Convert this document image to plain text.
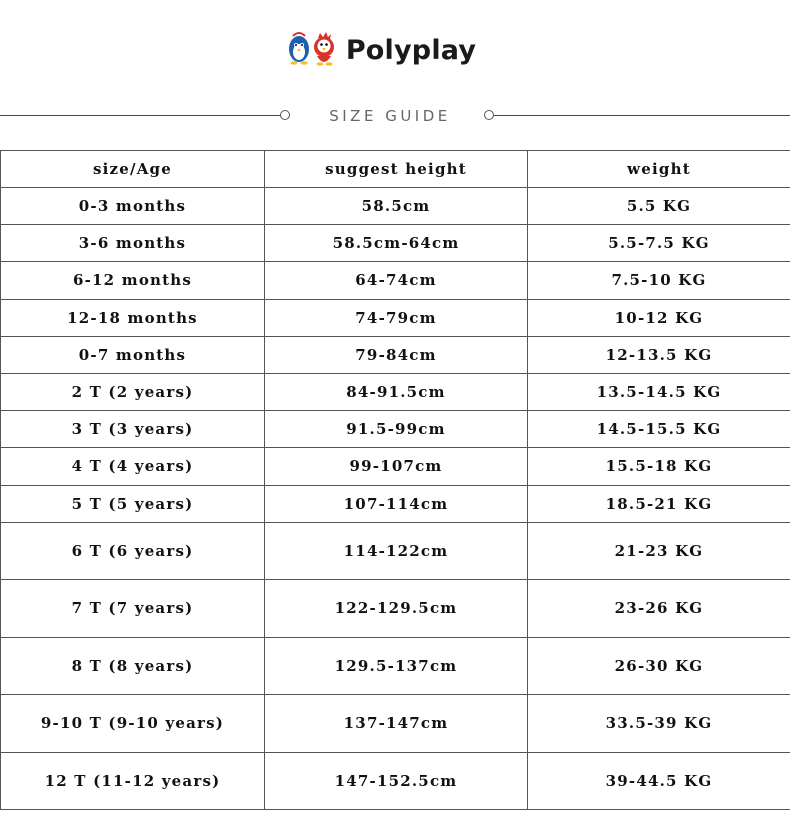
Polyplay
SIZE GUIDE
size/Age	suggest height	weight
0-3 months	58.5cm	5.5 KG
3-6 months	58.5cm-64cm	5.5-7.5 KG
6-12 months	64-74cm	7.5-10 KG
12-18 months	74-79cm	10-12 KG
0-7 months	79-84cm	12-13.5 KG
2 T (2 years)	84-91.5cm	13.5-14.5 KG
3 T (3 years)	91.5-99cm	14.5-15.5 KG
4 T (4 years)	99-107cm	15.5-18 KG
5 T (5 years)	107-114cm	18.5-21 KG
6 T (6 years)	114-122cm	21-23 KG
7 T (7 years)	122-129.5cm	23-26 KG
8 T (8 years)	129.5-137cm	26-30 KG
9-10 T (9-10 years)	137-147cm	33.5-39 KG
12 T (11-12 years)	147-152.5cm	39-44.5 KG
